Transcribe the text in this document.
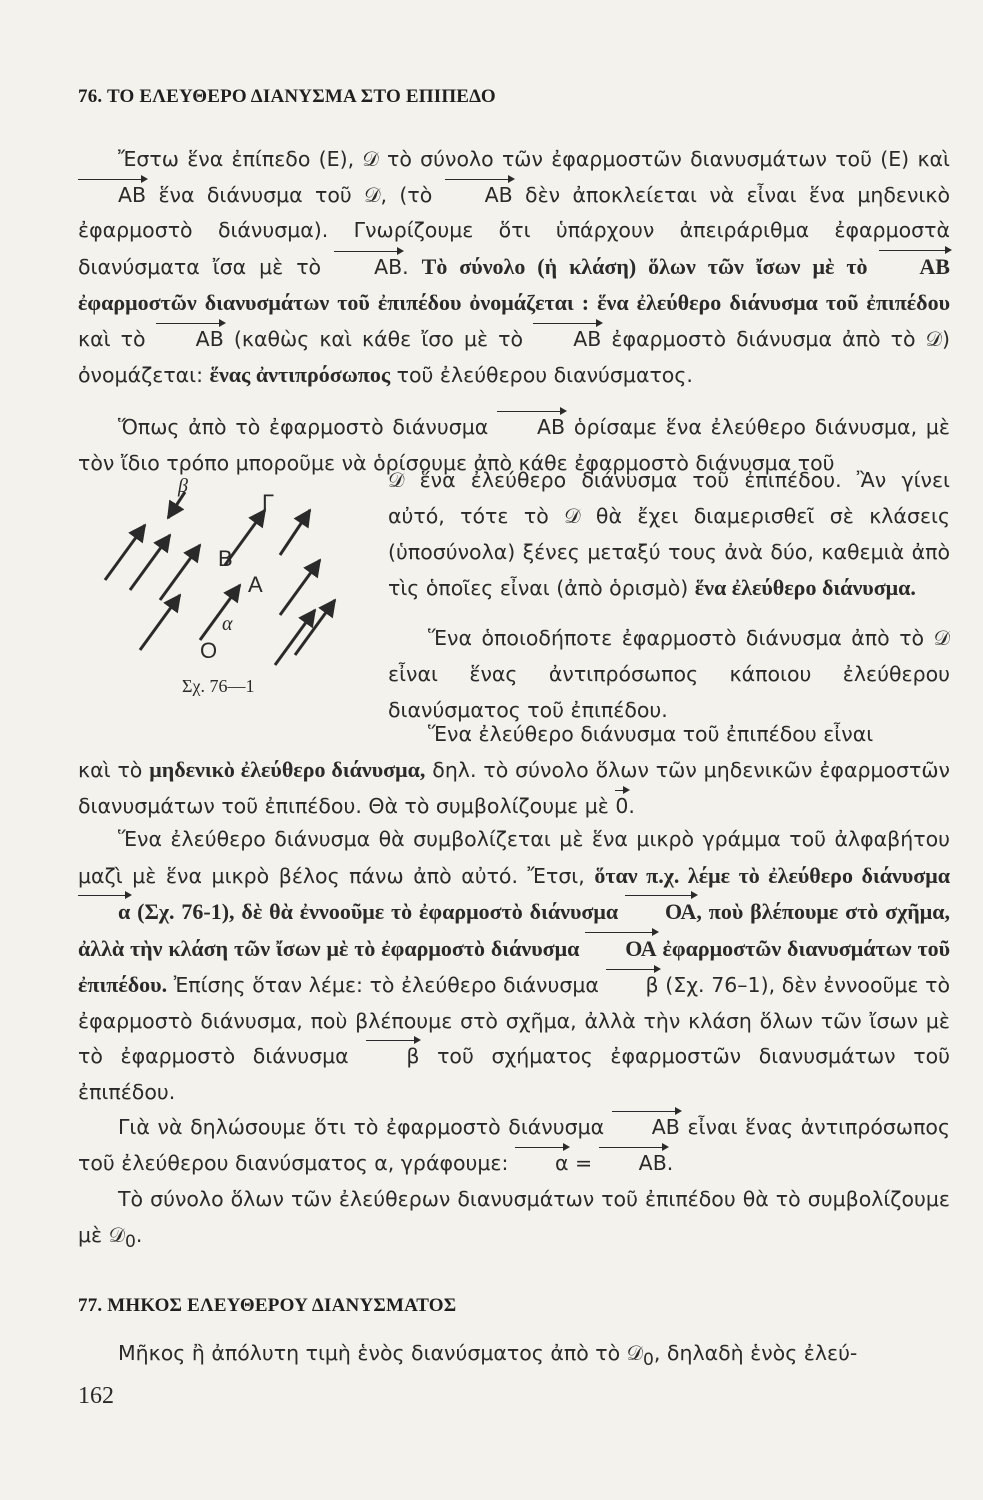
76. ΤΟ ΕΛΕΥΘΕΡΟ ΔΙΑΝΥΣΜΑ ΣΤΟ ΕΠΙΠΕΔΟ

Ἔστω ἕνα ἐπίπεδο (Ε), 𝒟 τὸ σύνολο τῶν ἐφαρμοστῶν διανυσμάτων τοῦ (Ε) καὶ ΑΒ ἕνα διάνυσμα τοῦ 𝒟, (τὸ ΑΒ δὲν ἀποκλείεται νὰ εἶναι ἕνα μηδενικὸ ἐφαρμοστὸ διάνυσμα). Γνωρίζουμε ὅτι ὑπάρχουν ἀπειράριθμα ἐφαρμοστὰ διανύσματα ἴσα μὲ τὸ ΑΒ. Τὸ σύνολο (ἡ κλάση) ὅλων τῶν ἴσων μὲ τὸ ΑΒ ἐφαρμοστῶν διανυσμάτων τοῦ ἐπιπέδου ὀνομάζεται : ἕνα ἐλεύθερο διάνυσμα τοῦ ἐπιπέδου καὶ τὸ ΑΒ (καθὼς καὶ κάθε ἴσο μὲ τὸ ΑΒ ἐφαρμοστὸ διάνυσμα ἀπὸ τὸ 𝒟) ὀνομάζεται: ἕνας ἀντιπρόσωπος τοῦ ἐλεύθερου διανύσματος.

Ὅπως ἀπὸ τὸ ἐφαρμοστὸ διάνυσμα ΑΒ ὁρίσαμε ἕνα ἐλεύθερο διάνυσμα, μὲ τὸν ἴδιο τρόπο μποροῦμε νὰ ὁρίσουμε ἀπὸ κάθε ἐφαρμοστὸ διάνυσμα τοῦ

𝒟 ἕνα ἐλεύθερο διάνυσμα τοῦ ἐπιπέδου. Ἂν γίνει αὐτό, τότε τὸ 𝒟 θὰ ἔχει διαμερισθεῖ σὲ κλάσεις (ὑποσύνολα) ξένες μεταξύ τους ἀνὰ δύο, καθεμιὰ ἀπὸ τὶς ὁποῖες εἶναι (ἀπὸ ὁρισμὸ) ἕνα ἐλεύθερο διάνυσμα.

Ἕνα ὁποιοδήποτε ἐφαρμοστὸ διάνυσμα ἀπὸ τὸ 𝒟 εἶναι ἕνας ἀντιπρόσωπος κάποιου ἐλεύθερου διανύσματος τοῦ ἐπιπέδου.

Ἕνα ἐλεύθερο διάνυσμα τοῦ ἐπιπέδου εἶναι

Γ
Β
Α
Ο
β
α
Σχ. 76—1

καὶ τὸ μηδενικὸ ἐλεύθερο διάνυσμα, δηλ. τὸ σύνολο ὅλων τῶν μηδενικῶν ἐφαρμοστῶν διανυσμάτων τοῦ ἐπιπέδου. Θὰ τὸ συμβολίζουμε μὲ 0.

Ἕνα ἐλεύθερο διάνυσμα θὰ συμβολίζεται μὲ ἕνα μικρὸ γράμμα τοῦ ἀλφαβήτου μαζὶ μὲ ἕνα μικρὸ βέλος πάνω ἀπὸ αὐτό. Ἔτσι, ὅταν π.χ. λέμε τὸ ἐλεύθερο διάνυσμα α (Σχ. 76-1), δὲ θὰ ἐννοοῦμε τὸ ἐφαρμοστὸ διάνυσμα ΟΑ, ποὺ βλέπουμε στὸ σχῆμα, ἀλλὰ τὴν κλάση τῶν ἴσων μὲ τὸ ἐφαρμοστὸ διάνυσμα ΟΑ ἐφαρμοστῶν διανυσμάτων τοῦ ἐπιπέδου. Ἐπίσης ὅταν λέμε: τὸ ἐλεύθερο διάνυσμα β (Σχ. 76–1), δὲν ἐννοοῦμε τὸ ἐφαρμοστὸ διάνυσμα, ποὺ βλέπουμε στὸ σχῆμα, ἀλλὰ τὴν κλάση ὅλων τῶν ἴσων μὲ τὸ ἐφαρμοστὸ διάνυσμα β τοῦ σχήματος ἐφαρμοστῶν διανυσμάτων τοῦ ἐπιπέδου.

Γιὰ νὰ δηλώσουμε ὅτι τὸ ἐφαρμοστὸ διάνυσμα ΑΒ εἶναι ἕνας ἀντιπρόσωπος τοῦ ἐλεύθερου διανύσματος α, γράφουμε: α = ΑΒ.

Τὸ σύνολο ὅλων τῶν ἐλεύθερων διανυσμάτων τοῦ ἐπιπέδου θὰ τὸ συμβολίζουμε μὲ 𝒟$_0$.

77. ΜΗΚΟΣ ΕΛΕΥΘΕΡΟΥ ΔΙΑΝΥΣΜΑΤΟΣ

Μῆκος ἢ ἀπόλυτη τιμὴ ἑνὸς διανύσματος ἀπὸ τὸ 𝒟$_0$, δηλαδὴ ἑνὸς ἐλεύ-

162
